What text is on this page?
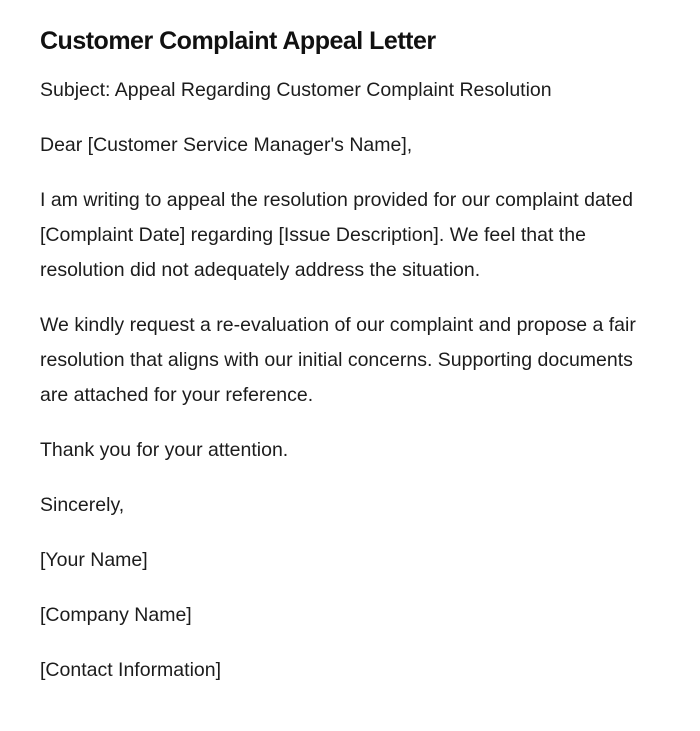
Customer Complaint Appeal Letter

Subject: Appeal Regarding Customer Complaint Resolution

Dear [Customer Service Manager's Name],

I am writing to appeal the resolution provided for our complaint dated [Complaint Date] regarding [Issue Description]. We feel that the resolution did not adequately address the situation.

We kindly request a re-evaluation of our complaint and propose a fair resolution that aligns with our initial concerns. Supporting documents are attached for your reference.

Thank you for your attention.

Sincerely,

[Your Name]

[Company Name]

[Contact Information]
